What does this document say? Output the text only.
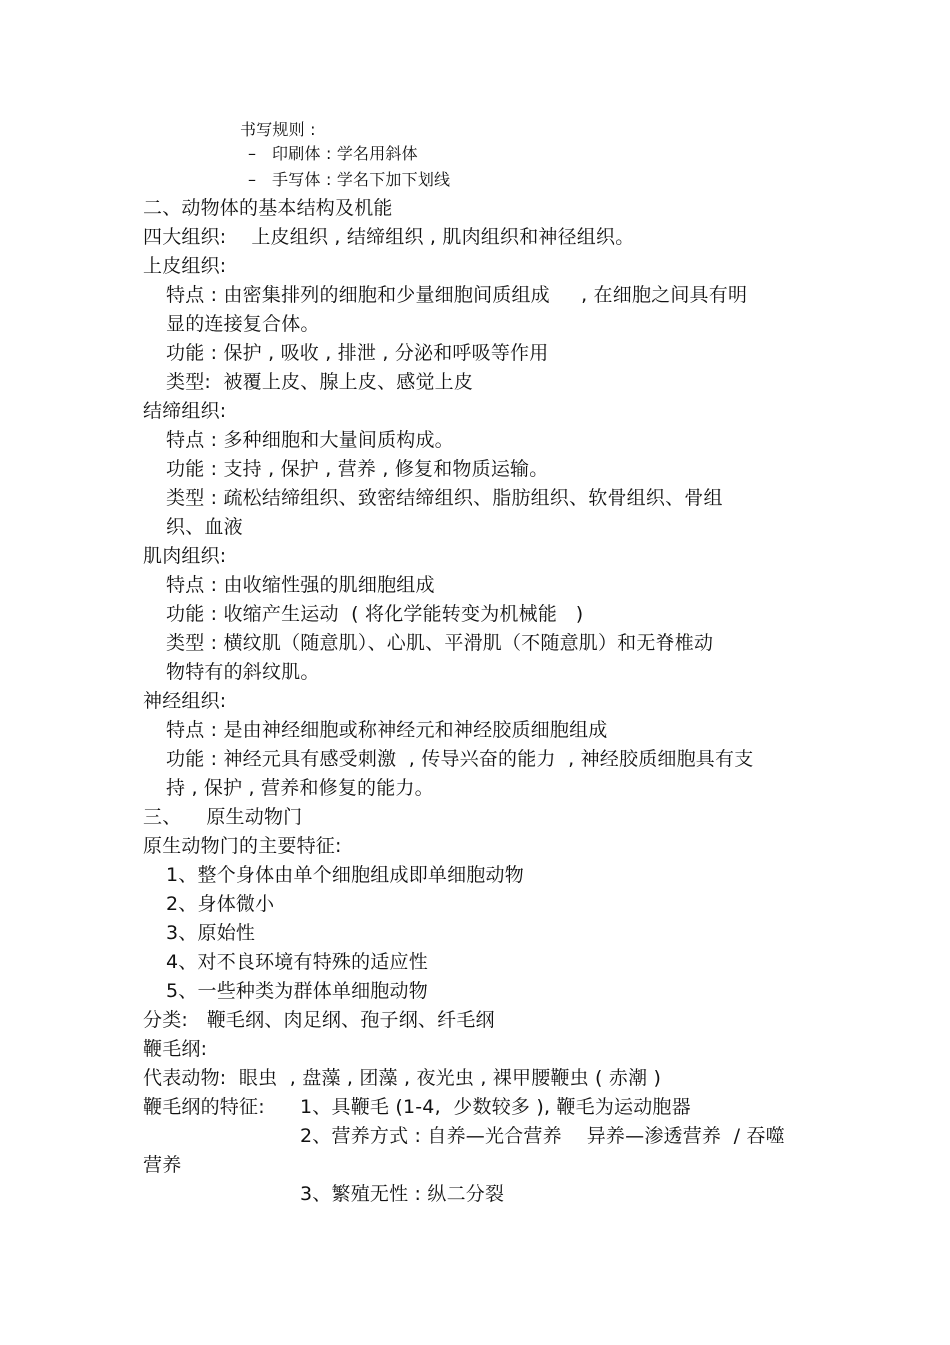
书写规则 :
–   印刷体 : 学名用斜体
–   手写体 : 学名下加下划线
二、动物体的基本结构及机能
四大组织:    上皮组织 , 结缔组织 , 肌肉组织和神径组织。
上皮组织:
特点 : 由密集排列的细胞和少量细胞间质组成     , 在细胞之间具有明
显的连接复合体。
功能 : 保护 , 吸收 , 排泄 , 分泌和呼吸等作用
类型:  被覆上皮、腺上皮、感觉上皮
结缔组织:
特点 : 多种细胞和大量间质构成。
功能 : 支持 , 保护 , 营养 , 修复和物质运输。
类型 : 疏松结缔组织、致密结缔组织、脂肪组织、软骨组织、骨组
织、血液
肌肉组织:
特点 : 由收缩性强的肌细胞组成
功能 : 收缩产生运动  ( 将化学能转变为机械能   )
类型 : 横纹肌（随意肌）、心肌、平滑肌（不随意肌）和无脊椎动
物特有的斜纹肌。
神经组织:
特点 : 是由神经细胞或称神经元和神经胶质细胞组成
功能 : 神经元具有感受刺激  , 传导兴奋的能力  , 神经胶质细胞具有支
持 , 保护 , 营养和修复的能力。
三、    原生动物门
原生动物门的主要特征:
1、整个身体由单个细胞组成即单细胞动物
2、身体微小
3、原始性
4、对不良环境有特殊的适应性
5、一些种类为群体单细胞动物
分类:   鞭毛纲、肉足纲、孢子纲、纤毛纲
鞭毛纲:
代表动物:  眼虫  , 盘藻 , 团藻 , 夜光虫 , 裸甲腰鞭虫 ( 赤潮 )
鞭毛纲的特征: 1、具鞭毛 (1-4,  少数较多 ), 鞭毛为运动胞器
2、营养方式 : 自养—光合营养    异养—渗透营养  / 吞噬
营养
3、繁殖无性 : 纵二分裂
